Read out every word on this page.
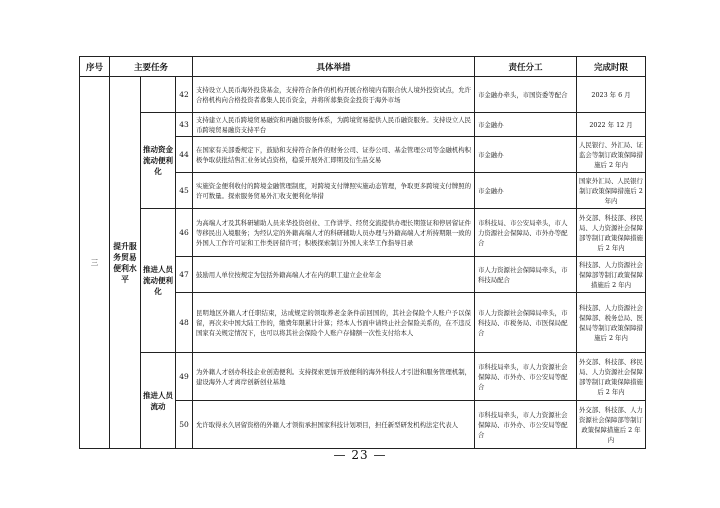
序号	主要任务			具体举措	责任分工	完成时限
三	提升服务贸易便利水平		42	支持设立人民币海外投贷基金，支持符合条件的机构开展合格境内有限合伙人境外投资试点，允许合格机构向合格投资者募集人民币资金，并将所募集资金投资于海外市场	市金融办牵头，市国资委等配合	2023 年 6 月
		推动资金流动便利化	43	支持建立人民币跨境贸易融资和再融资服务体系，为跨境贸易提供人民币融资服务。支持设立人民币跨境贸易融资支持平台	市金融办	2022 年 12 月
			44	在国家有关部委规定下，鼓励和支持符合条件的财务公司、证券公司、基金管理公司等金融机构积极争取获批结售汇业务试点资格，稳妥开展外汇即期及衍生品交易	市金融办	人民银行、外汇局、证监会等制订政策保障措施后 2 年内
			45	实施资金便利收付的跨境金融管理制度，对跨境支付牌照实施动态管理，争取更多跨境支付牌照的许可数量。探索服务贸易外汇收支便利化举措	市金融办	国家外汇局、人民银行制订政策保障措施后 2 年内
		推进人员流动便利化	46	为高端人才及其科研辅助人员来华投资创业、工作讲学、经贸交流提供办理长期签证和停居留证件等移民出入境服务；为经认定的外籍高端人才的科研辅助人员办理与外籍高端人才所持期限一致的外国人工作许可证和工作类居留许可；积极探索制订外国人来华工作指导目录	市科技局、市公安局牵头，市人力资源社会保障局、市外办等配合	外交部、科技部、移民局、人力资源社会保障部等制订政策保障措施后 2 年内
			47	鼓励用人单位按规定为包括外籍高端人才在内的职工建立企业年金	市人力资源社会保障局牵头，市科技局配合	科技部、人力资源社会保障部等制订政策保障措施后 2 年内
			48	昆明地区外籍人才任职结束，达成规定的领取养老金条件前回国的，其社会保险个人账户予以保留，再次来中国大陆工作的，缴费年限累计计算；经本人书面申请终止社会保险关系的，在不违反国家有关规定情况下，也可以将其社会保险个人账户存储额一次性支付给本人	市人力资源社会保障局牵头，市科技局、市税务局、市医保局配合	科技部、人力资源社会保障部、税务总局、医保局等制订政策保障措施后 2 年内
		推进人员流动	49	为外籍人才创办科技企业创造便利。支持探索更加开放便利的海外科技人才引进和服务管理机制，建设海外人才离岸创新创业基地	市科技局牵头，市人力资源社会保障局、市外办、市公安局等配合	外交部、科技部、移民局、人力资源社会保障部等制订政策保障措施后 2 年内
			50	允许取得永久居留资格的外籍人才领衔承担国家科技计划项目，担任新型研发机构法定代表人	市科技局牵头，市人力资源社会保障局、市外办、市公安局等配合	外交部、科技部、人力资源社会保障部等制订政策保障措施后 2 年内
— 23 —
